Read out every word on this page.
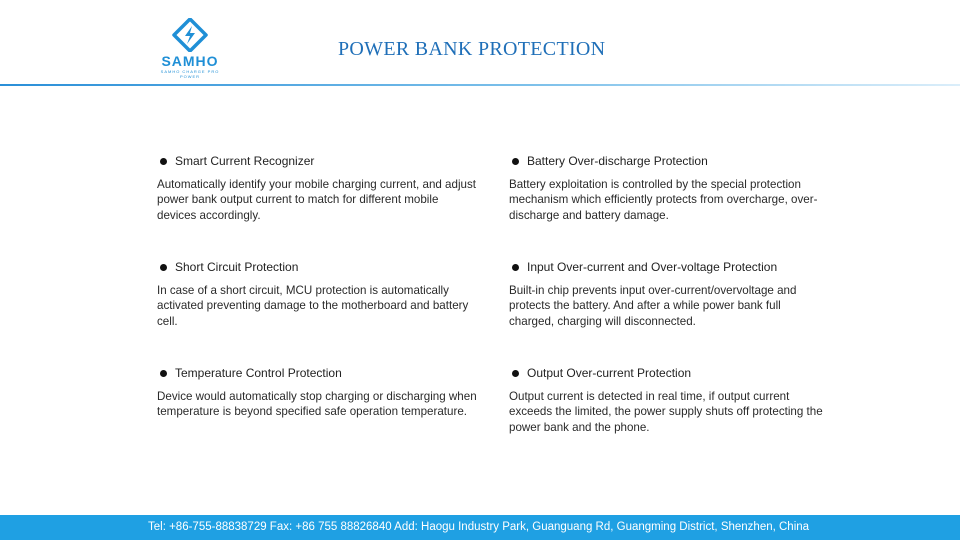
SAMHO
SAMHO CHARGE PRO POWER
POWER BANK PROTECTION
Smart Current Recognizer
Automatically identify your mobile charging current, and adjust power bank output current to match for different mobile devices accordingly.
Battery Over-discharge Protection
Battery exploitation is controlled by the special protection mechanism which efficiently protects from overcharge, over-discharge and battery damage.
Short Circuit Protection
In case of a short circuit, MCU protection is automatically activated preventing damage to the motherboard and battery cell.
Input Over-current and Over-voltage Protection
Built-in chip prevents input over-current/overvoltage and protects the battery. And after a while power bank full charged, charging will disconnected.
Temperature Control Protection
Device would automatically stop charging or discharging when temperature is beyond specified safe operation temperature.
Output Over-current Protection
Output current is detected in real time, if output current exceeds the limited, the power supply shuts off protecting the power bank and the phone.
Tel: +86-755-88838729 Fax: +86 755 88826840 Add: Haogu Industry Park, Guanguang Rd, Guangming District, Shenzhen, China
